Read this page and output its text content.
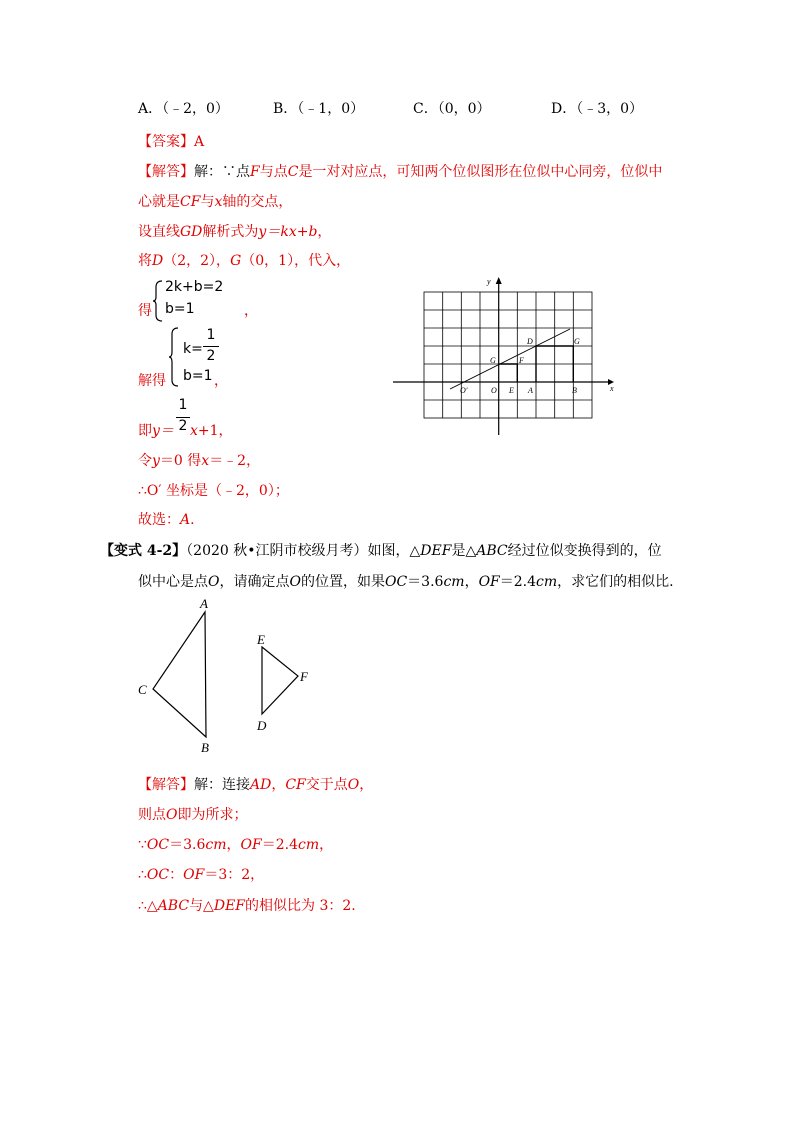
A．（﹣2，0）	B．（﹣1，0）	C．（0，0）	D．（﹣3，0）
【答案】A
【解答】解：∵点F与点C是一对对应点，可知两个位似图形在位似中心同旁，位似中
心就是CF与x轴的交点，
设直线GD解析式为y＝kx+b，
将D（2，2），G（0，1），代入，
得
2k+b=2
b=1	，
解得
k=
1
2
b=1 ，
即y＝
1
2 x+1，
令y＝0 得x＝﹣2，
∴O′ 坐标是（﹣2，0）；
故选：A.
y
x
O
O′	E A	B
G	F
D	G
【变式 4-2】（2020 秋•江阴市校级月考）如图，△DEF是△ABC经过位似变换得到的，位
似中心是点O，请确定点O的位置，如果OC＝3.6cm，OF＝2.4cm，求它们的相似比.
A
B
C
D
E
F
【解答】解：连接AD，CF交于点O，
则点O即为所求；
∵OC＝3.6cm，OF＝2.4cm，
∴OC：OF＝3：2，
∴△ABC与△DEF的相似比为 3：2.
